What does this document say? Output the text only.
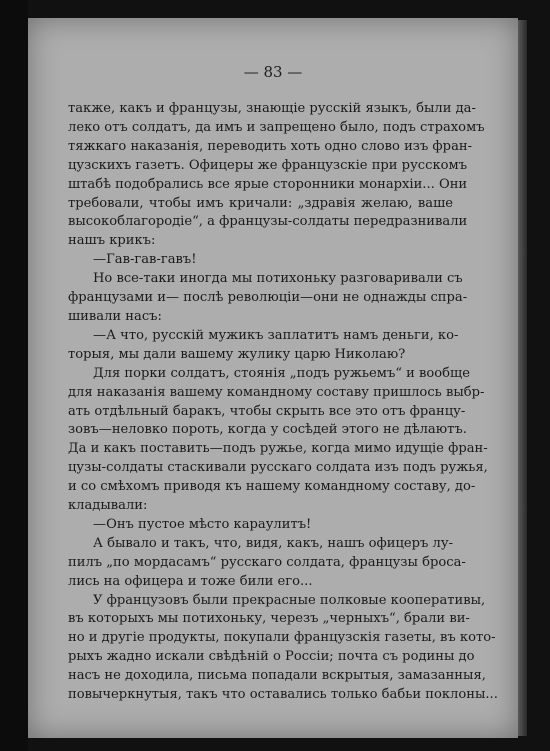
— 83 —
также, какъ и французы, знающіе русскій языкъ, были да-
леко отъ солдатъ, да имъ и запрещено было, подъ страхомъ
тяжкаго наказанія, переводить хоть одно слово изъ фран-
цузскихъ газетъ. Офицеры же французскіе при русскомъ
штабѣ подобрались все ярые сторонники монархіи... Они
требовали, чтобы имъ кричали: „здравія желаю, ваше
высокоблагородіе“, а французы-солдаты передразнивали
нашъ крикъ:
—Гав-гав-гавъ!
Но все-таки иногда мы потихоньку разговаривали съ
французами и— послѣ революціи—они не однажды спра-
шивали насъ:
—А что, русскій мужикъ заплатитъ намъ деньги, ко-
торыя, мы дали вашему жулику царю Николаю?
Для порки солдатъ, стоянія „подъ ружьемъ“ и вообще
для наказанія вашему командному составу пришлось выбр-
ать отдѣльный баракъ, чтобы скрыть все это отъ францу-
зовъ—неловко пороть, когда у сосѣдей этого не дѣлаютъ.
Да и какъ поставить—подъ ружье, когда мимо идущіе фран-
цузы-солдаты стаскивали русскаго солдата изъ подъ ружья,
и со смѣхомъ приводя къ нашему командному составу, до-
кладывали:
—Онъ пустое мѣсто караулитъ!
А бывало и такъ, что, видя, какъ, нашъ офицеръ лу-
пилъ „по мордасамъ“ русскаго солдата, французы броса-
лись на офицера и тоже били его...
У французовъ были прекрасные полковые кооперативы,
въ которыхъ мы потихоньку, черезъ „черныхъ“, брали ви-
но и другіе продукты, покупали французскія газеты, въ кото-
рыхъ жадно искали свѣдѣній о Россіи; почта съ родины до
насъ не доходила, письма попадали вскрытыя, замазанныя,
повычеркнутыя, такъ что оставались только бабьи поклоны...
